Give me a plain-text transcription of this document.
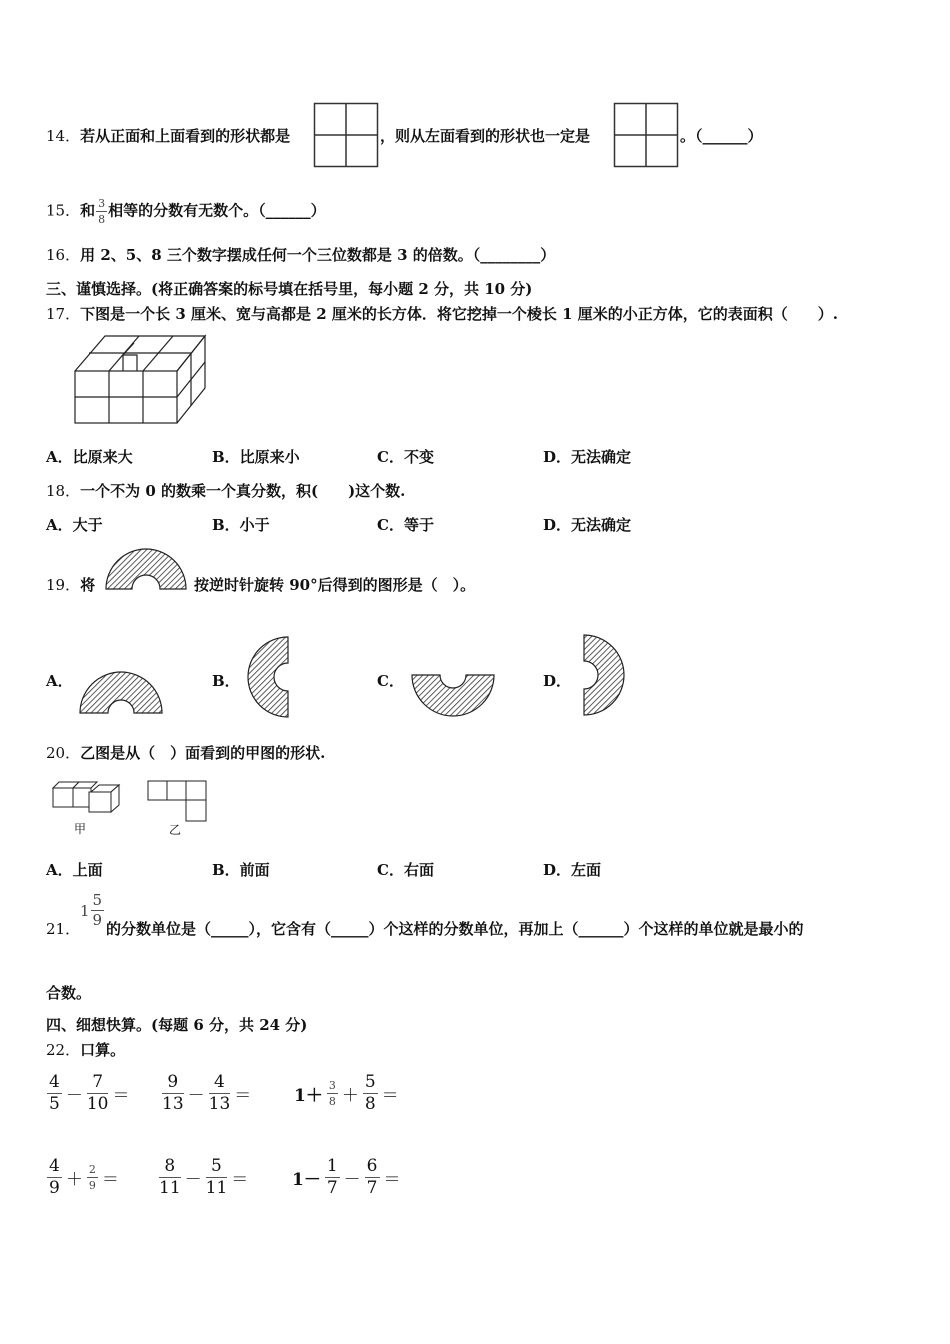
14．若从正面和上面看到的形状都是	，则从左面看到的形状也一定是	。（______）
15．和 $\frac{3}{8}$ 相等的分数有无数个。（______）
16．用 2、5、8 三个数字摆成任何一个三位数都是 3 的倍数。（________）
三、谨慎选择。(将正确答案的标号填在括号里，每小题 2 分，共 10 分)
17．下图是一个长 3 厘米、宽与高都是 2 厘米的长方体．将它挖掉一个棱长 1 厘米的小正方体，它的表面积（　　）.
A．比原来大	B．比原来小	C．不变	D．无法确定
18．一个不为 0 的数乘一个真分数，积(　　)这个数.
A．大于	B．小于	C．等于	D．无法确定
19．将	按逆时针旋转 90°后得到的图形是（　）。
A．	B．	C．	D．
20．乙图是从（　）面看到的甲图的形状.
甲	乙
A．上面	B．前面	C．右面	D．左面
21．
$1 \frac{5}{9}$
的分数单位是（_____），它含有（_____）个这样的分数单位，再加上（______）个这样的单位就是最小的
合数。
四、细想快算。(每题 6 分，共 24 分)
22．口算。
$\frac{4}{5} - \frac{7}{10} = \frac{9}{13} - \frac{4}{13}$ ＝	$1+ \frac{3}{8} + \frac{5}{8}$ ＝
$\frac{4}{9} + \frac{2}{9} = \frac{8}{11} - \frac{5}{11}$ ＝	$1- \frac{1}{7} - \frac{6}{7}$ ＝
